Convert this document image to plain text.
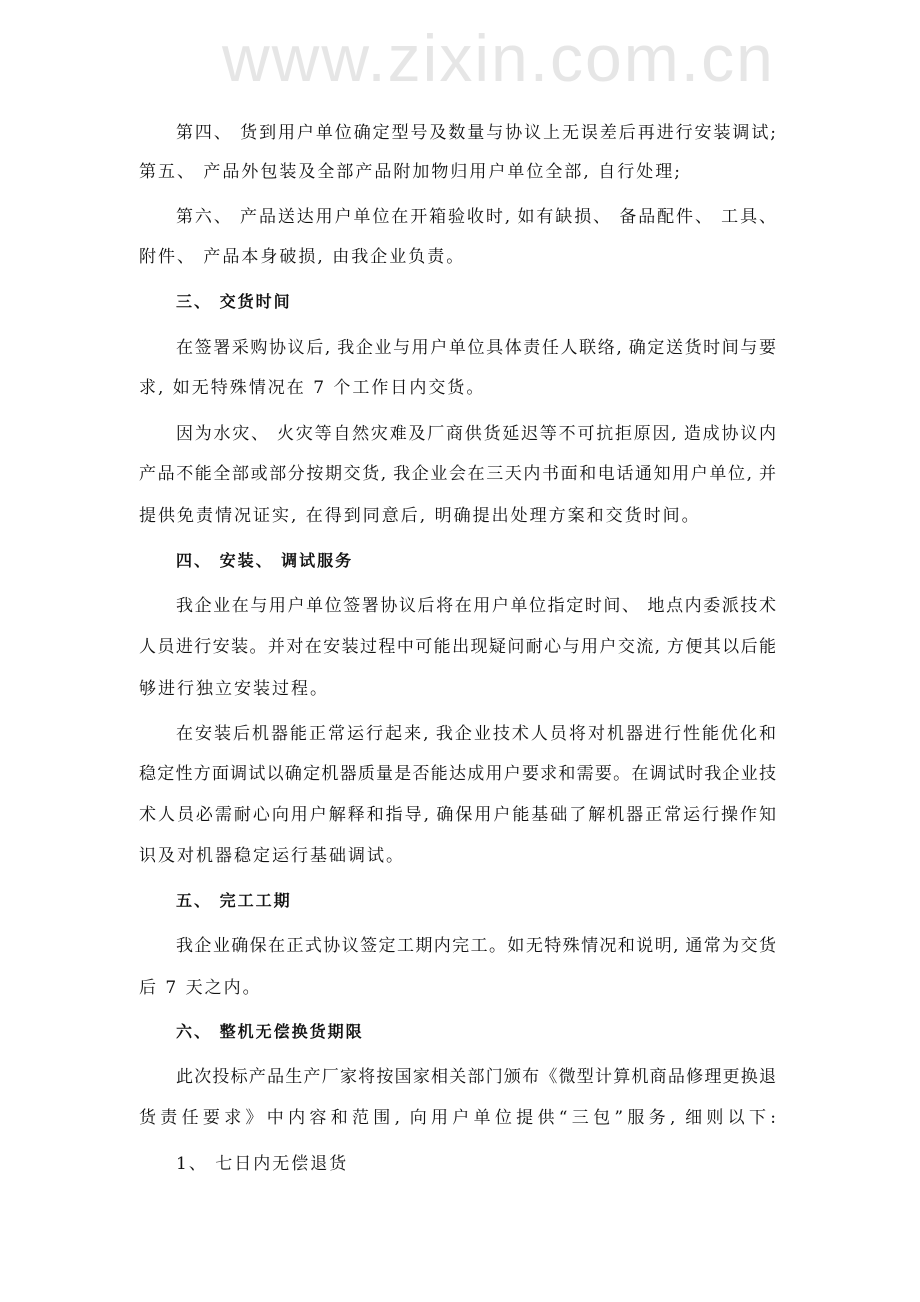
www.zixin.com.cn
第四、 货到用户单位确定型号及数量与协议上无误差后再进行安装调试;
第五、 产品外包装及全部产品附加物归用户单位全部, 自行处理;
第六、 产品送达用户单位在开箱验收时, 如有缺损、 备品配件、 工具、
附件、 产品本身破损, 由我企业负责。
三、 交货时间
在签署采购协议后, 我企业与用户单位具体责任人联络, 确定送货时间与要
求, 如无特殊情况在 7 个工作日内交货。
因为水灾、 火灾等自然灾难及厂商供货延迟等不可抗拒原因, 造成协议内
产品不能全部或部分按期交货, 我企业会在三天内书面和电话通知用户单位, 并
提供免责情况证实, 在得到同意后, 明确提出处理方案和交货时间。
四、 安装、 调试服务
我企业在与用户单位签署协议后将在用户单位指定时间、 地点内委派技术
人员进行安装。并对在安装过程中可能出现疑问耐心与用户交流, 方便其以后能
够进行独立安装过程。
在安装后机器能正常运行起来, 我企业技术人员将对机器进行性能优化和
稳定性方面调试以确定机器质量是否能达成用户要求和需要。在调试时我企业技
术人员必需耐心向用户解释和指导, 确保用户能基础了解机器正常运行操作知
识及对机器稳定运行基础调试。
五、 完工工期
我企业确保在正式协议签定工期内完工。如无特殊情况和说明, 通常为交货
后 7 天之内。
六、 整机无偿换货期限
此次投标产品生产厂家将按国家相关部门颁布《微型计算机商品修理更换退
货责任要求》中内容和范围, 向用户单位提供“三包”服务, 细则以下:
1、 七日内无偿退货
